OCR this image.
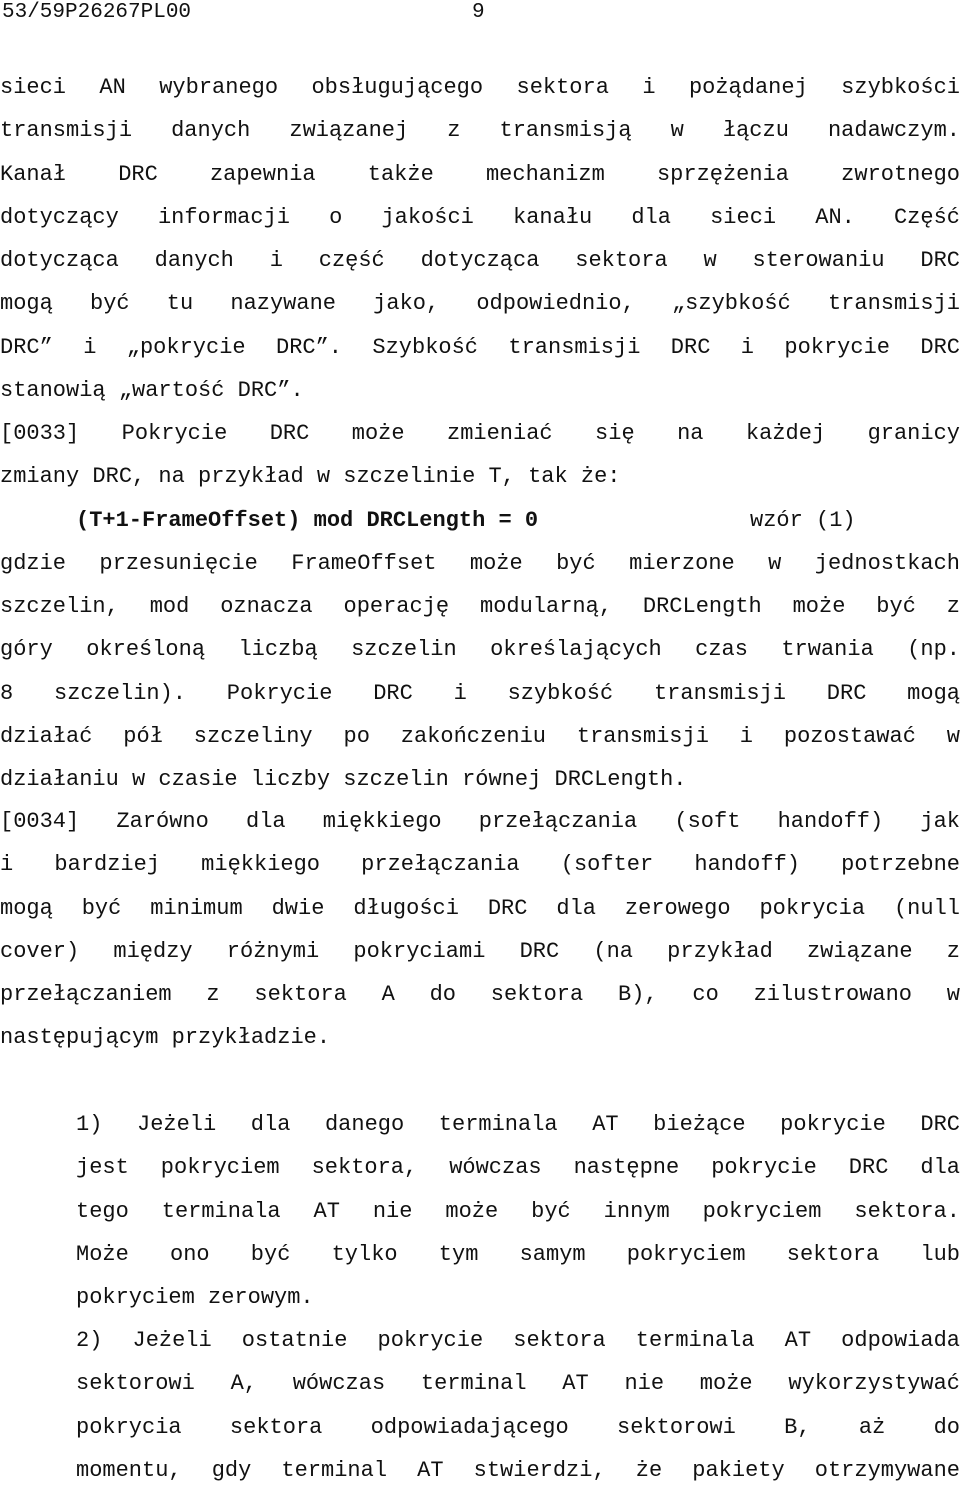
53/59P26267PL00	9
sieci AN wybranego obsługującego sektora i pożądanej szybkości
transmisji danych związanej z transmisją w łączu nadawczym.
Kanał DRC zapewnia także mechanizm sprzężenia zwrotnego
dotyczący informacji o jakości kanału dla sieci AN. Część
dotycząca danych i część dotycząca sektora w sterowaniu DRC
mogą być tu nazywane jako, odpowiednio, „szybkość transmisji
DRC” i „pokrycie DRC”. Szybkość transmisji DRC i pokrycie DRC
stanowią „wartość DRC”.
[0033] Pokrycie DRC może zmieniać się na każdej granicy
zmiany DRC, na przykład w szczelinie T, tak że:
(T+1-FrameOffset) mod DRCLength = 0	wzór (1)
gdzie przesunięcie FrameOffset może być mierzone w jednostkach
szczelin, mod oznacza operację modularną, DRCLength może być z
góry określoną liczbą szczelin określających czas trwania (np.
8 szczelin). Pokrycie DRC i szybkość transmisji DRC mogą
działać pół szczeliny po zakończeniu transmisji i pozostawać w
działaniu w czasie liczby szczelin równej DRCLength.
[0034] Zarówno dla miękkiego przełączania (soft handoff) jak
i bardziej miękkiego przełączania (softer handoff) potrzebne
mogą być minimum dwie długości DRC dla zerowego pokrycia (null
cover) między różnymi pokryciami DRC (na przykład związane z
przełączaniem z sektora A do sektora B), co zilustrowano w
następującym przykładzie.
1) Jeżeli dla danego terminala AT bieżące pokrycie DRC
jest pokryciem sektora, wówczas następne pokrycie DRC dla
tego terminala AT nie może być innym pokryciem sektora.
Może ono być tylko tym samym pokryciem sektora lub
pokryciem zerowym.
2) Jeżeli ostatnie pokrycie sektora terminala AT odpowiada
sektorowi A, wówczas terminal AT nie może wykorzystywać
pokrycia sektora odpowiadającego sektorowi B, aż do
momentu, gdy terminal AT stwierdzi, że pakiety otrzymywane
